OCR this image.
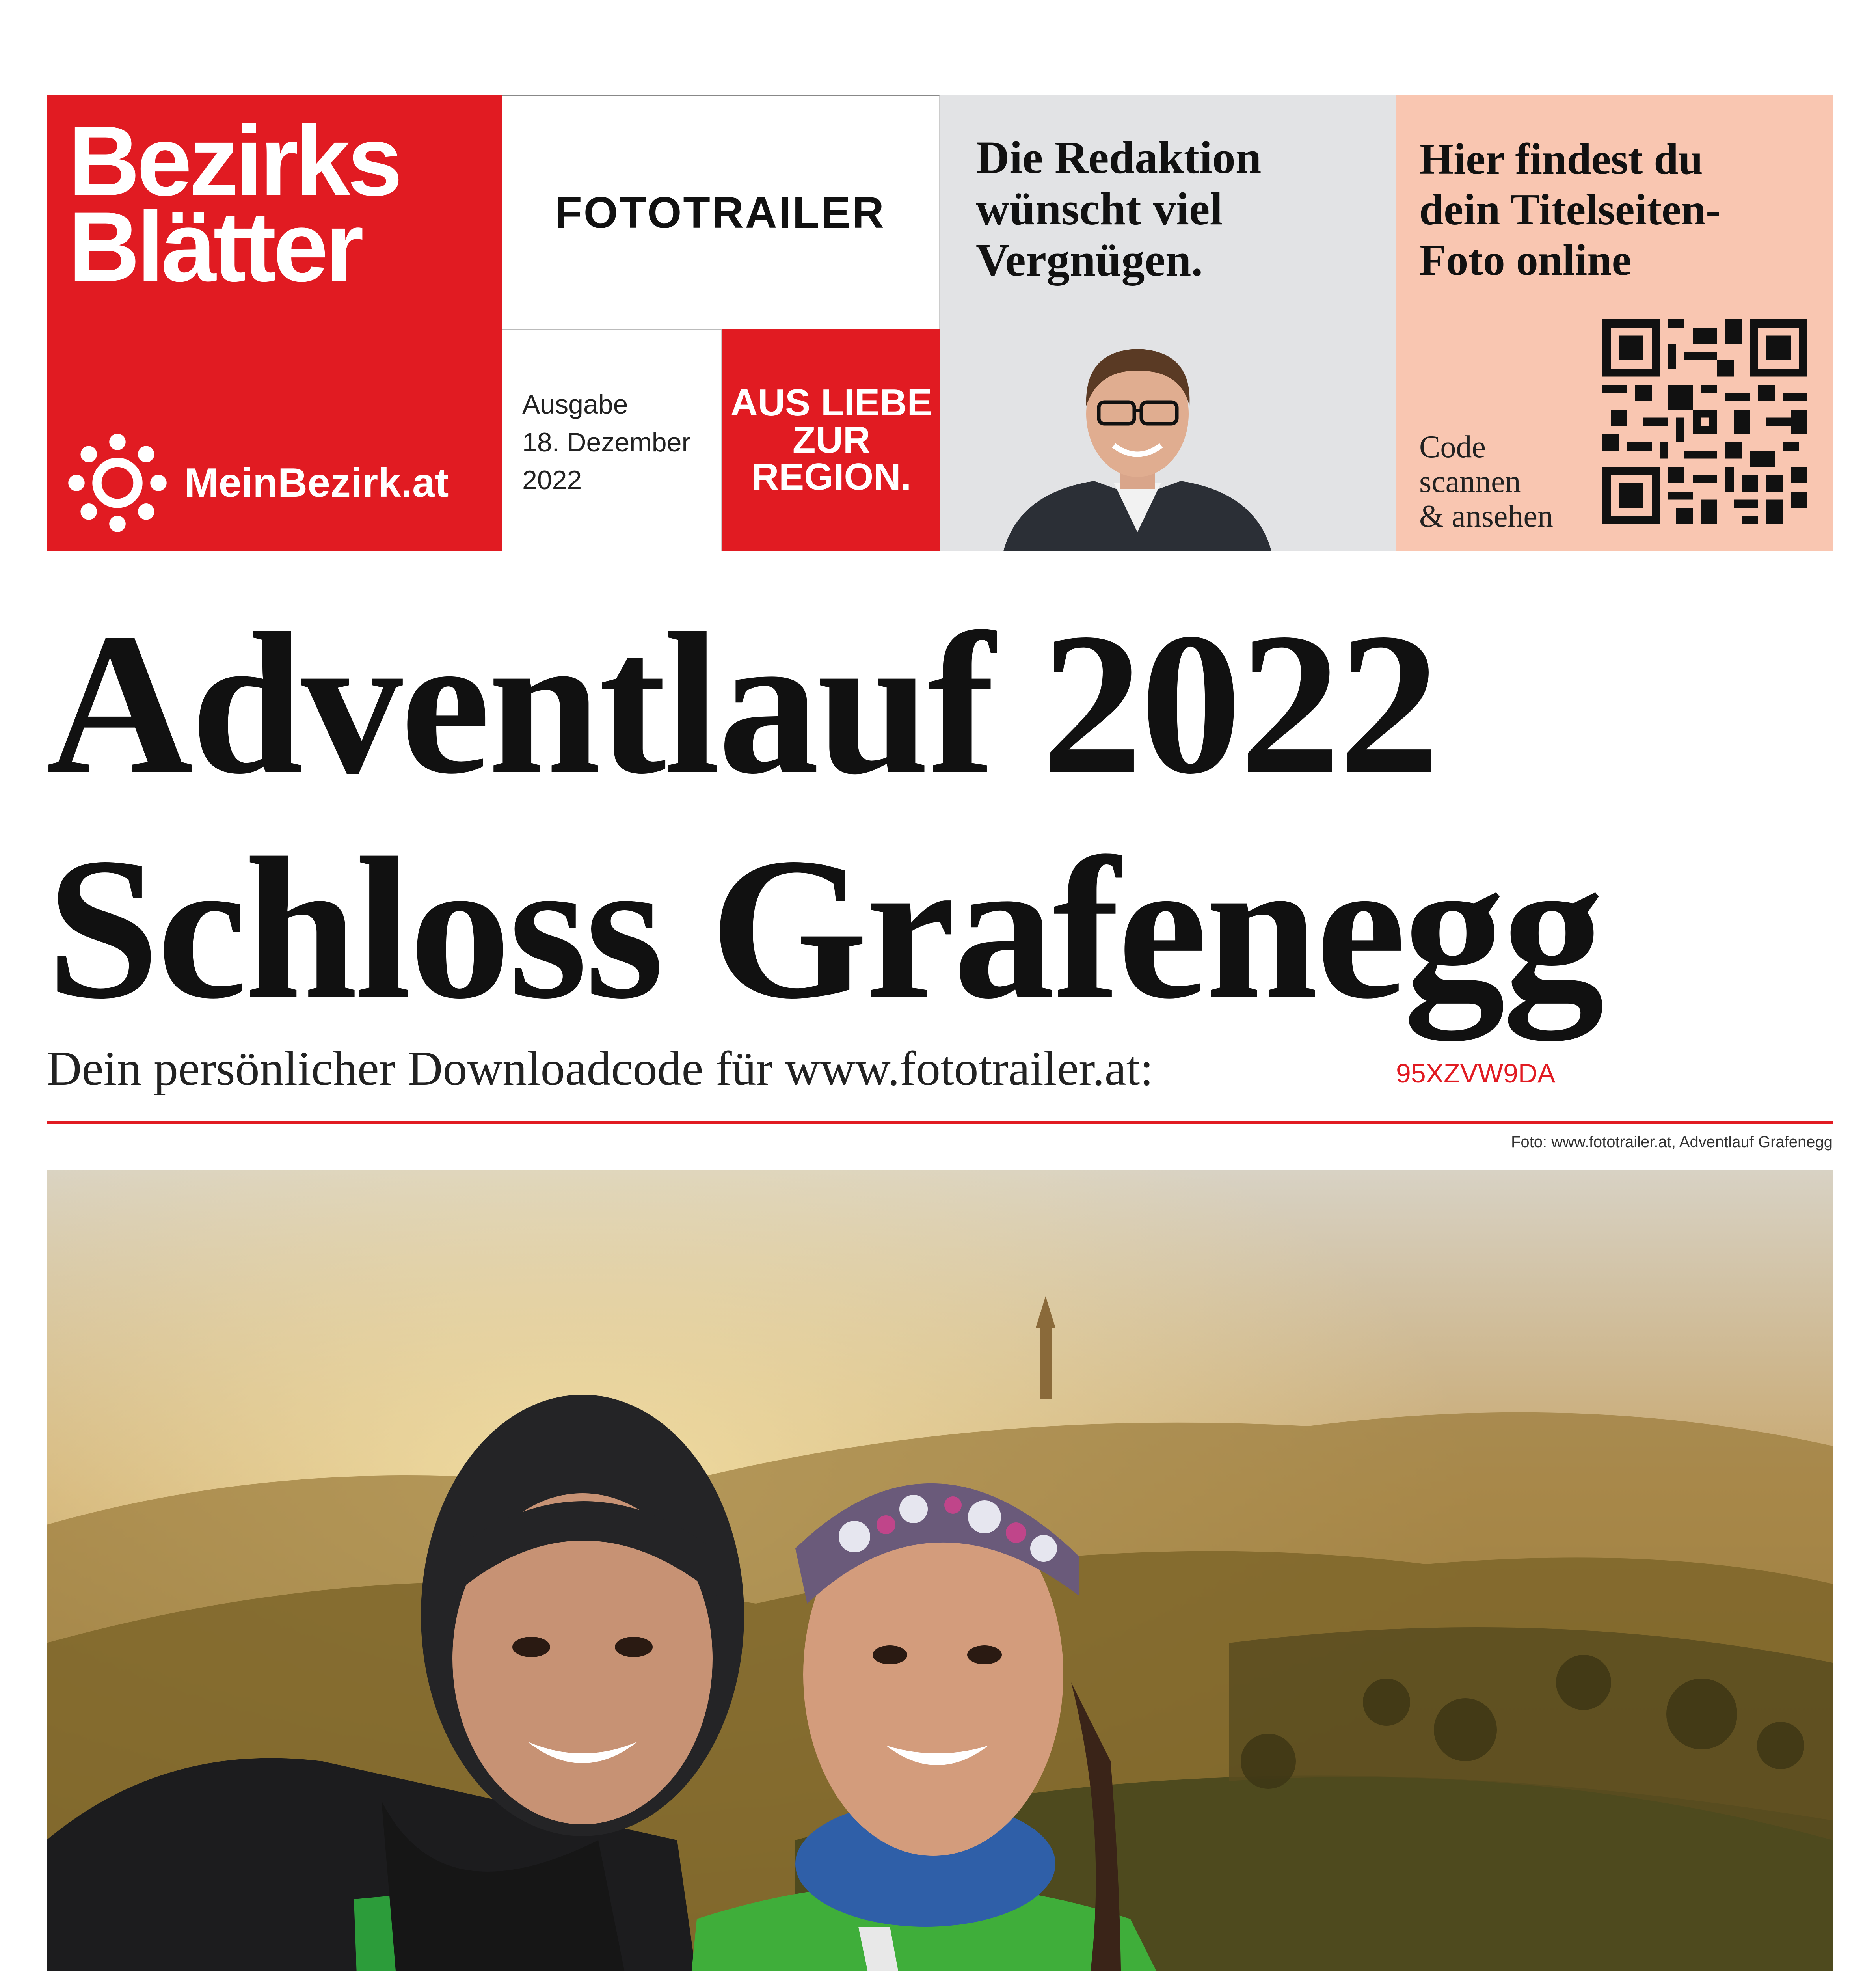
Bezirks
Blätter
MeinBezirk.at
FOTOTRAILER
Ausgabe
18. Dezember
2022
AUS LIEBE
ZUR
REGION.
Die Redaktion
wünscht viel
Vergnügen.
Hier findest du
dein Titelseiten-
Foto online
Code
scannen
& ansehen
Adventlauf 2022
Schloss Grafenegg
Dein persönlicher Downloadcode für www.fototrailer.at:	95XZVW9DA
Foto: www.fototrailer.at, Adventlauf Grafenegg
